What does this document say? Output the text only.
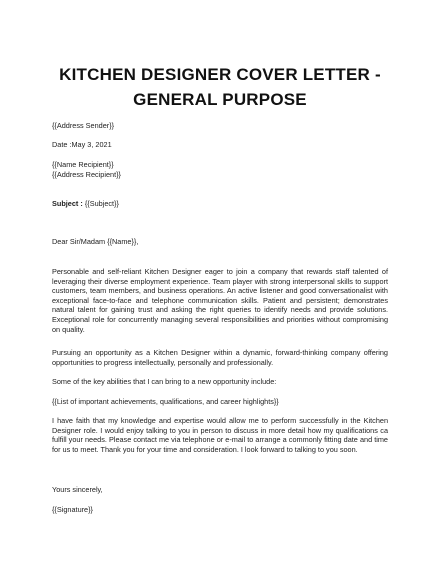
KITCHEN DESIGNER COVER LETTER -
GENERAL PURPOSE
{{Address Sender}}
Date :May 3, 2021
{{Name Recipient}}
{{Address Recipient}}
Subject : {{Subject}}
Dear Sir/Madam {{Name}},
Personable and self-reliant Kitchen Designer eager to join a company that rewards staff talented of leveraging their diverse employment experience. Team player with strong interpersonal skills to support customers, team members, and business operations. An active listener and good conversationalist with exceptional face-to-face and telephone communication skills. Patient and persistent; demonstrates natural talent for gaining trust and asking the right queries to identify needs and provide solutions. Exceptional role for concurrently managing several responsibilities and priorities without compromising on quality.
Pursuing an opportunity as a Kitchen Designer within a dynamic, forward-thinking company offering opportunities to progress intellectually, personally and professionally.
Some of the key abilities that I can bring to a new opportunity include:
{{List of important achievements, qualifications, and career highlights}}
I have faith that my knowledge and expertise would allow me to perform successfully in the Kitchen Designer role. I would enjoy talking to you in person to discuss in more detail how my qualifications ca fulfill your needs. Please contact me via telephone or e-mail to arrange a commonly fitting date and time for us to meet. Thank you for your time and consideration. I look forward to talking to you soon.
Yours sincerely,
{{Signature}}
